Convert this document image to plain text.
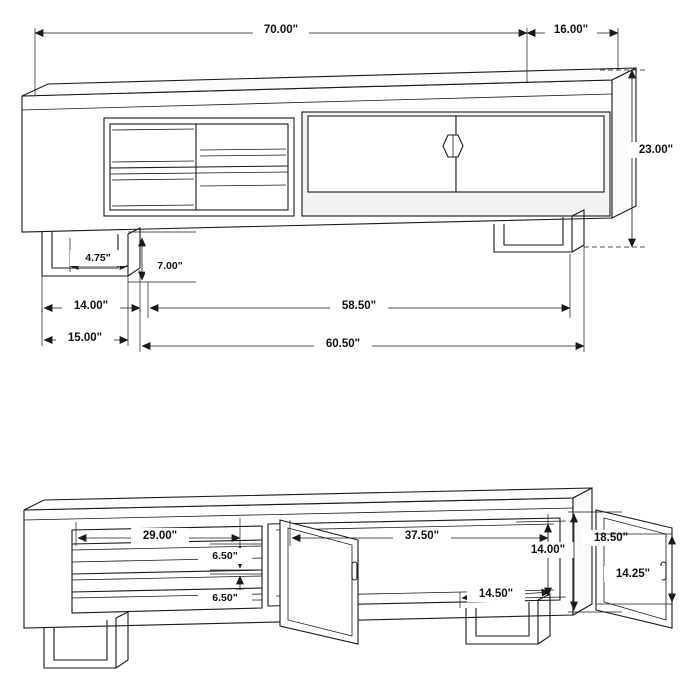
70.00"	16.00"
23.00"
4.75"
7.00"
14.00"
15.00"
58.50"
60.50"
29.00"
6.50"
6.50"
37.50"
14.00"
18.50"
14.25"
14.50"
